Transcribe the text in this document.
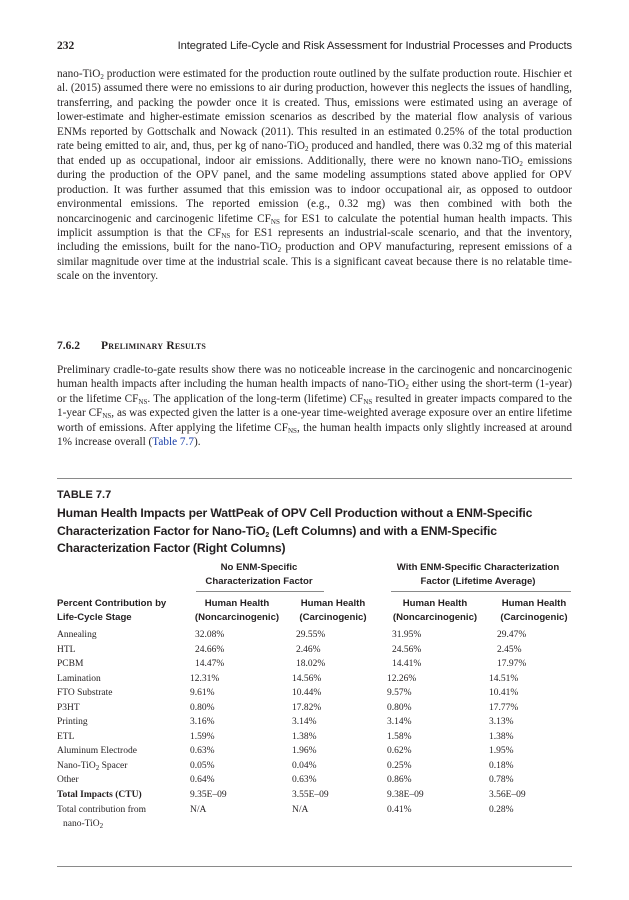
232	Integrated Life-Cycle and Risk Assessment for Industrial Processes and Products

nano-TiO$_2$ production were estimated for the production route outlined by the sulfate production route. Hischier et al. (2015) assumed there were no emissions to air during production, however this neglects the issues of handling, transferring, and packing the powder once it is created. Thus, emissions were estimated using an average of lower-estimate and higher-estimate emission scenarios as described by the material flow analysis of various ENMs reported by Gottschalk and Nowack (2011). This resulted in an estimated 0.25% of the total production rate being emitted to air, and, thus, per kg of nano-TiO$_2$ produced and handled, there was 0.32 mg of this material that ended up as occupational, indoor air emissions. Additionally, there were no known nano-TiO$_2$ emissions during the production of the OPV panel, and the same modeling assumptions stated above applied for OPV production. It was further assumed that this emission was to indoor occupational air, as opposed to outdoor environmental emissions. The reported emission (e.g., 0.32 mg) was then combined with both the noncarcinogenic and carcinogenic lifetime $CF_{NS}$ for ES1 to calculate the potential human health impacts. This implicit assumption is that the $CF_{NS}$ for ES1 represents an industrial-scale scenario, and that the inventory, including the emissions, built for the nano-TiO$_2$ production and OPV manufacturing, represent emissions of a similar magnitude over time at the industrial scale. This is a significant caveat because there is no relatable time-scale on the inventory.

7.6.2 Preliminary Results

Preliminary cradle-to-gate results show there was no noticeable increase in the carcinogenic and noncarcinogenic human health impacts after including the human health impacts of nano-TiO$_2$ either using the short-term (1-year) or the lifetime $CF_{NS}$. The application of the long-term (lifetime) $CF_{NS}$ resulted in greater impacts compared to the 1-year $CF_{NS}$, as was expected given the latter is a one-year time-weighted average exposure over an entire lifetime worth of emissions. After applying the lifetime $CF_{NS}$, the human health impacts only slightly increased at around 1% increase overall (Table 7.7).

TABLE 7.7
Human Health Impacts per WattPeak of OPV Cell Production without a ENM-Specific Characterization Factor for Nano-TiO$_2$ (Left Columns) and with a ENM-Specific Characterization Factor (Right Columns)
No ENM-Specific
Characterization Factor
With ENM-Specific Characterization
Factor (Lifetime Average)
Percent Contribution by
Life-Cycle Stage
Human Health
(Noncarcinogenic)
Human Health
(Carcinogenic)
Human Health
(Noncarcinogenic)
Human Health
(Carcinogenic)
Annealing	32.08%	29.55%	31.95%	29.47%
HTL	24.66%	2.46%	24.56%	2.45%
PCBM	14.47%	18.02%	14.41%	17.97%
Lamination	12.31%	14.56%	12.26%	14.51%
FTO Substrate	9.61%	10.44%	9.57%	10.41%
P3HT	0.80%	17.82%	0.80%	17.77%
Printing	3.16%	3.14%	3.14%	3.13%
ETL	1.59%	1.38%	1.58%	1.38%
Aluminum Electrode	0.63%	1.96%	0.62%	1.95%
Nano-TiO$_2$ Spacer	0.05%	0.04%	0.25%	0.18%
Other	0.64%	0.63%	0.86%	0.78%
Total Impacts (CTU)	9.35E–09	3.55E–09	9.38E–09	3.56E–09
Total contribution from
nano-TiO$_2$
N/A	N/A	0.41%	0.28%
